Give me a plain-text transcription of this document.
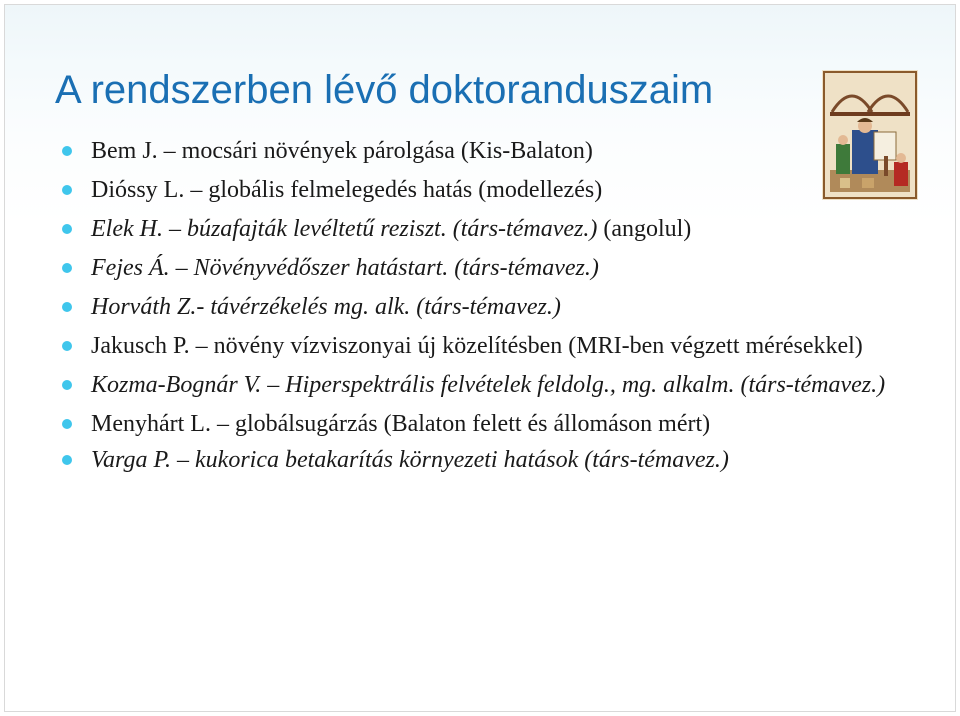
A rendszerben lévő doktoranduszaim
Bem J. – mocsári növények párolgása (Kis-Balaton)
Dióssy L. – globális felmelegedés hatás (modellezés)
Elek H. – búzafajták levéltetű reziszt. (társ-témavez.) (angolul)
Fejes Á. – Növényvédőszer hatástart. (társ-témavez.)
Horváth Z.- távérzékelés mg. alk. (társ-témavez.)
Jakusch P. – növény vízviszonyai új közelítésben (MRI-ben végzett mérésekkel)
Kozma-Bognár V. – Hiperspektrális felvételek feldolg., mg. alkalm. (társ-témavez.)
Menyhárt L. – globálsugárzás (Balaton felett és állomáson mért)
Varga P. – kukorica betakarítás környezeti hatások (társ-témavez.)
